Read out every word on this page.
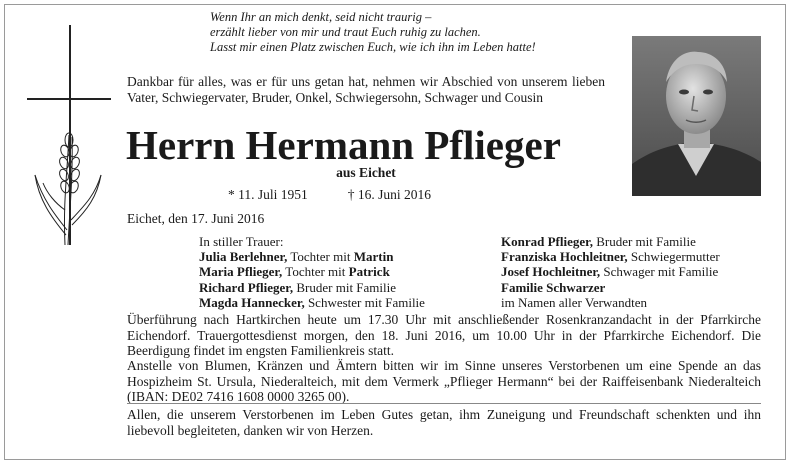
Wenn Ihr an mich denkt, seid nicht traurig –
erzählt lieber von mir und traut Euch ruhig zu lachen.
Lasst mir einen Platz zwischen Euch, wie ich ihn im Leben hatte!
Dankbar für alles, was er für uns getan hat, nehmen wir Abschied von unserem lieben Vater, Schwiegervater, Bruder, Onkel, Schwiegersohn, Schwager und Cousin
Herrn Hermann Pflieger
aus Eichet
* 11. Juli 1951	† 16. Juni 2016
Eichet, den 17. Juni 2016
In stiller Trauer:
Julia Berlehner, Tochter mit Martin
Maria Pflieger, Tochter mit Patrick
Richard Pflieger, Bruder mit Familie
Magda Hannecker, Schwester mit Familie
Konrad Pflieger, Bruder mit Familie
Franziska Hochleitner, Schwiegermutter
Josef Hochleitner, Schwager mit Familie
Familie Schwarzer
im Namen aller Verwandten
Überführung nach Hartkirchen heute um 17.30 Uhr mit anschließender Rosenkranzandacht in der Pfarrkirche Eichendorf. Trauergottesdienst morgen, den 18. Juni 2016, um 10.00 Uhr in der Pfarrkirche Eichendorf. Die Beerdigung findet im engsten Familienkreis statt.
Anstelle von Blumen, Kränzen und Ämtern bitten wir im Sinne unseres Verstorbenen um eine Spende an das Hospizheim St. Ursula, Niederalteich, mit dem Vermerk „Pflieger Hermann“ bei der Raiffeisenbank Niederalteich (IBAN: DE02 7416 1608 0000 3265 00).
Allen, die unserem Verstorbenen im Leben Gutes getan, ihm Zuneigung und Freundschaft schenkten und ihn liebevoll begleiteten, danken wir von Herzen.
